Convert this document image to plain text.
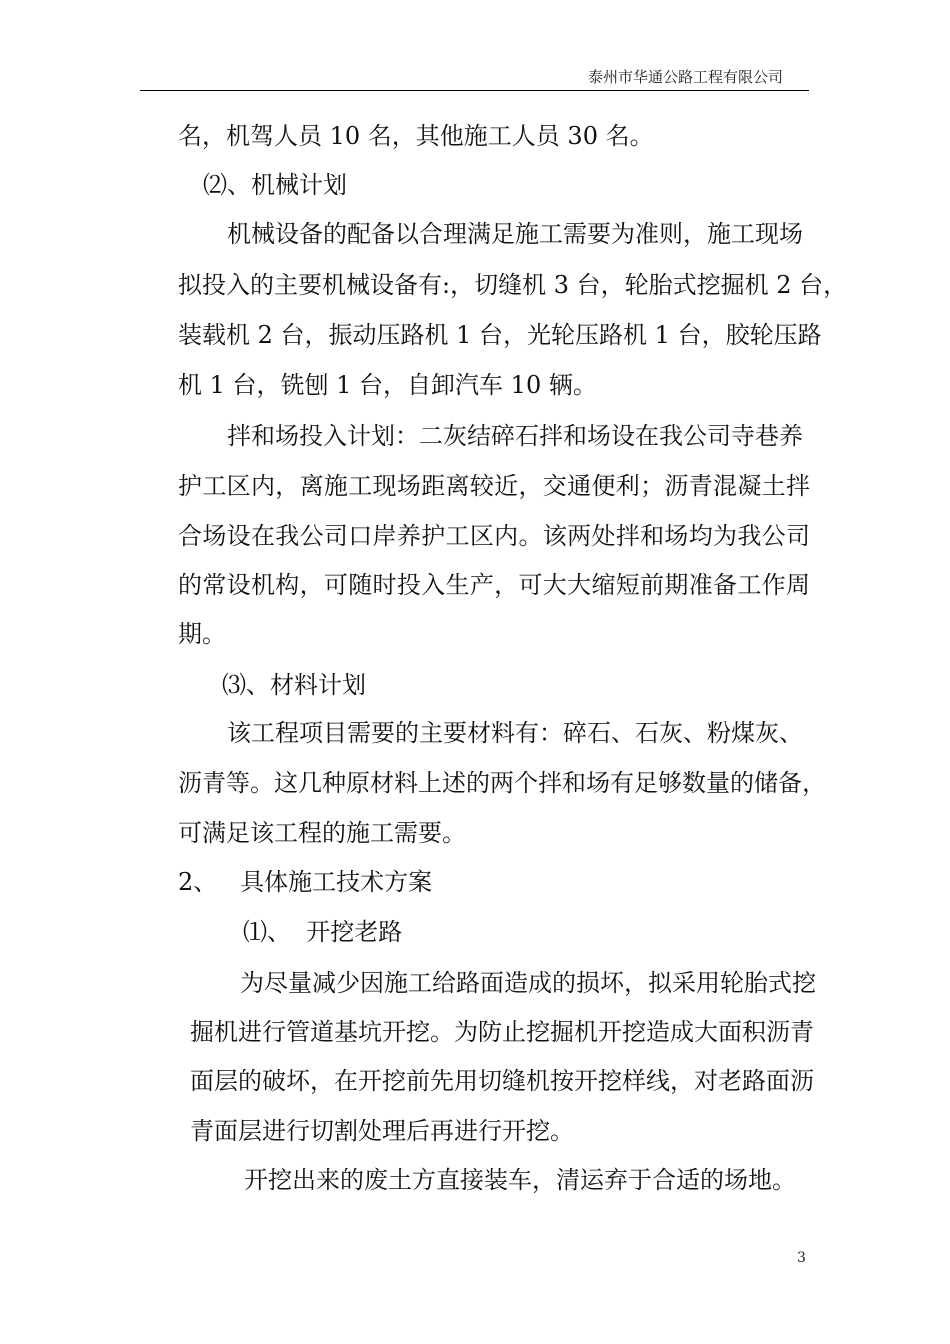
泰州市华通公路工程有限公司
名，机驾人员 10 名，其他施工人员 30 名。
⑵、机械计划
机械设备的配备以合理满足施工需要为准则，施工现场
拟投入的主要机械设备有:，切缝机 3 台，轮胎式挖掘机 2 台，
装载机 2 台，振动压路机 1 台，光轮压路机 1 台，胶轮压路
机 1 台，铣刨 1 台，自卸汽车 10 辆。
拌和场投入计划：二灰结碎石拌和场设在我公司寺巷养
护工区内，离施工现场距离较近，交通便利；沥青混凝土拌
合场设在我公司口岸养护工区内。该两处拌和场均为我公司
的常设机构，可随时投入生产，可大大缩短前期准备工作周
期。
⑶、材料计划
该工程项目需要的主要材料有：碎石、石灰、粉煤灰、
沥青等。这几种原材料上述的两个拌和场有足够数量的储备，
可满足该工程的施工需要。
2、   具体施工技术方案
⑴、  开挖老路
为尽量减少因施工给路面造成的损坏，拟采用轮胎式挖
掘机进行管道基坑开挖。为防止挖掘机开挖造成大面积沥青
面层的破坏，在开挖前先用切缝机按开挖样线，对老路面沥
青面层进行切割处理后再进行开挖。
开挖出来的废土方直接装车，清运弃于合适的场地。
3
